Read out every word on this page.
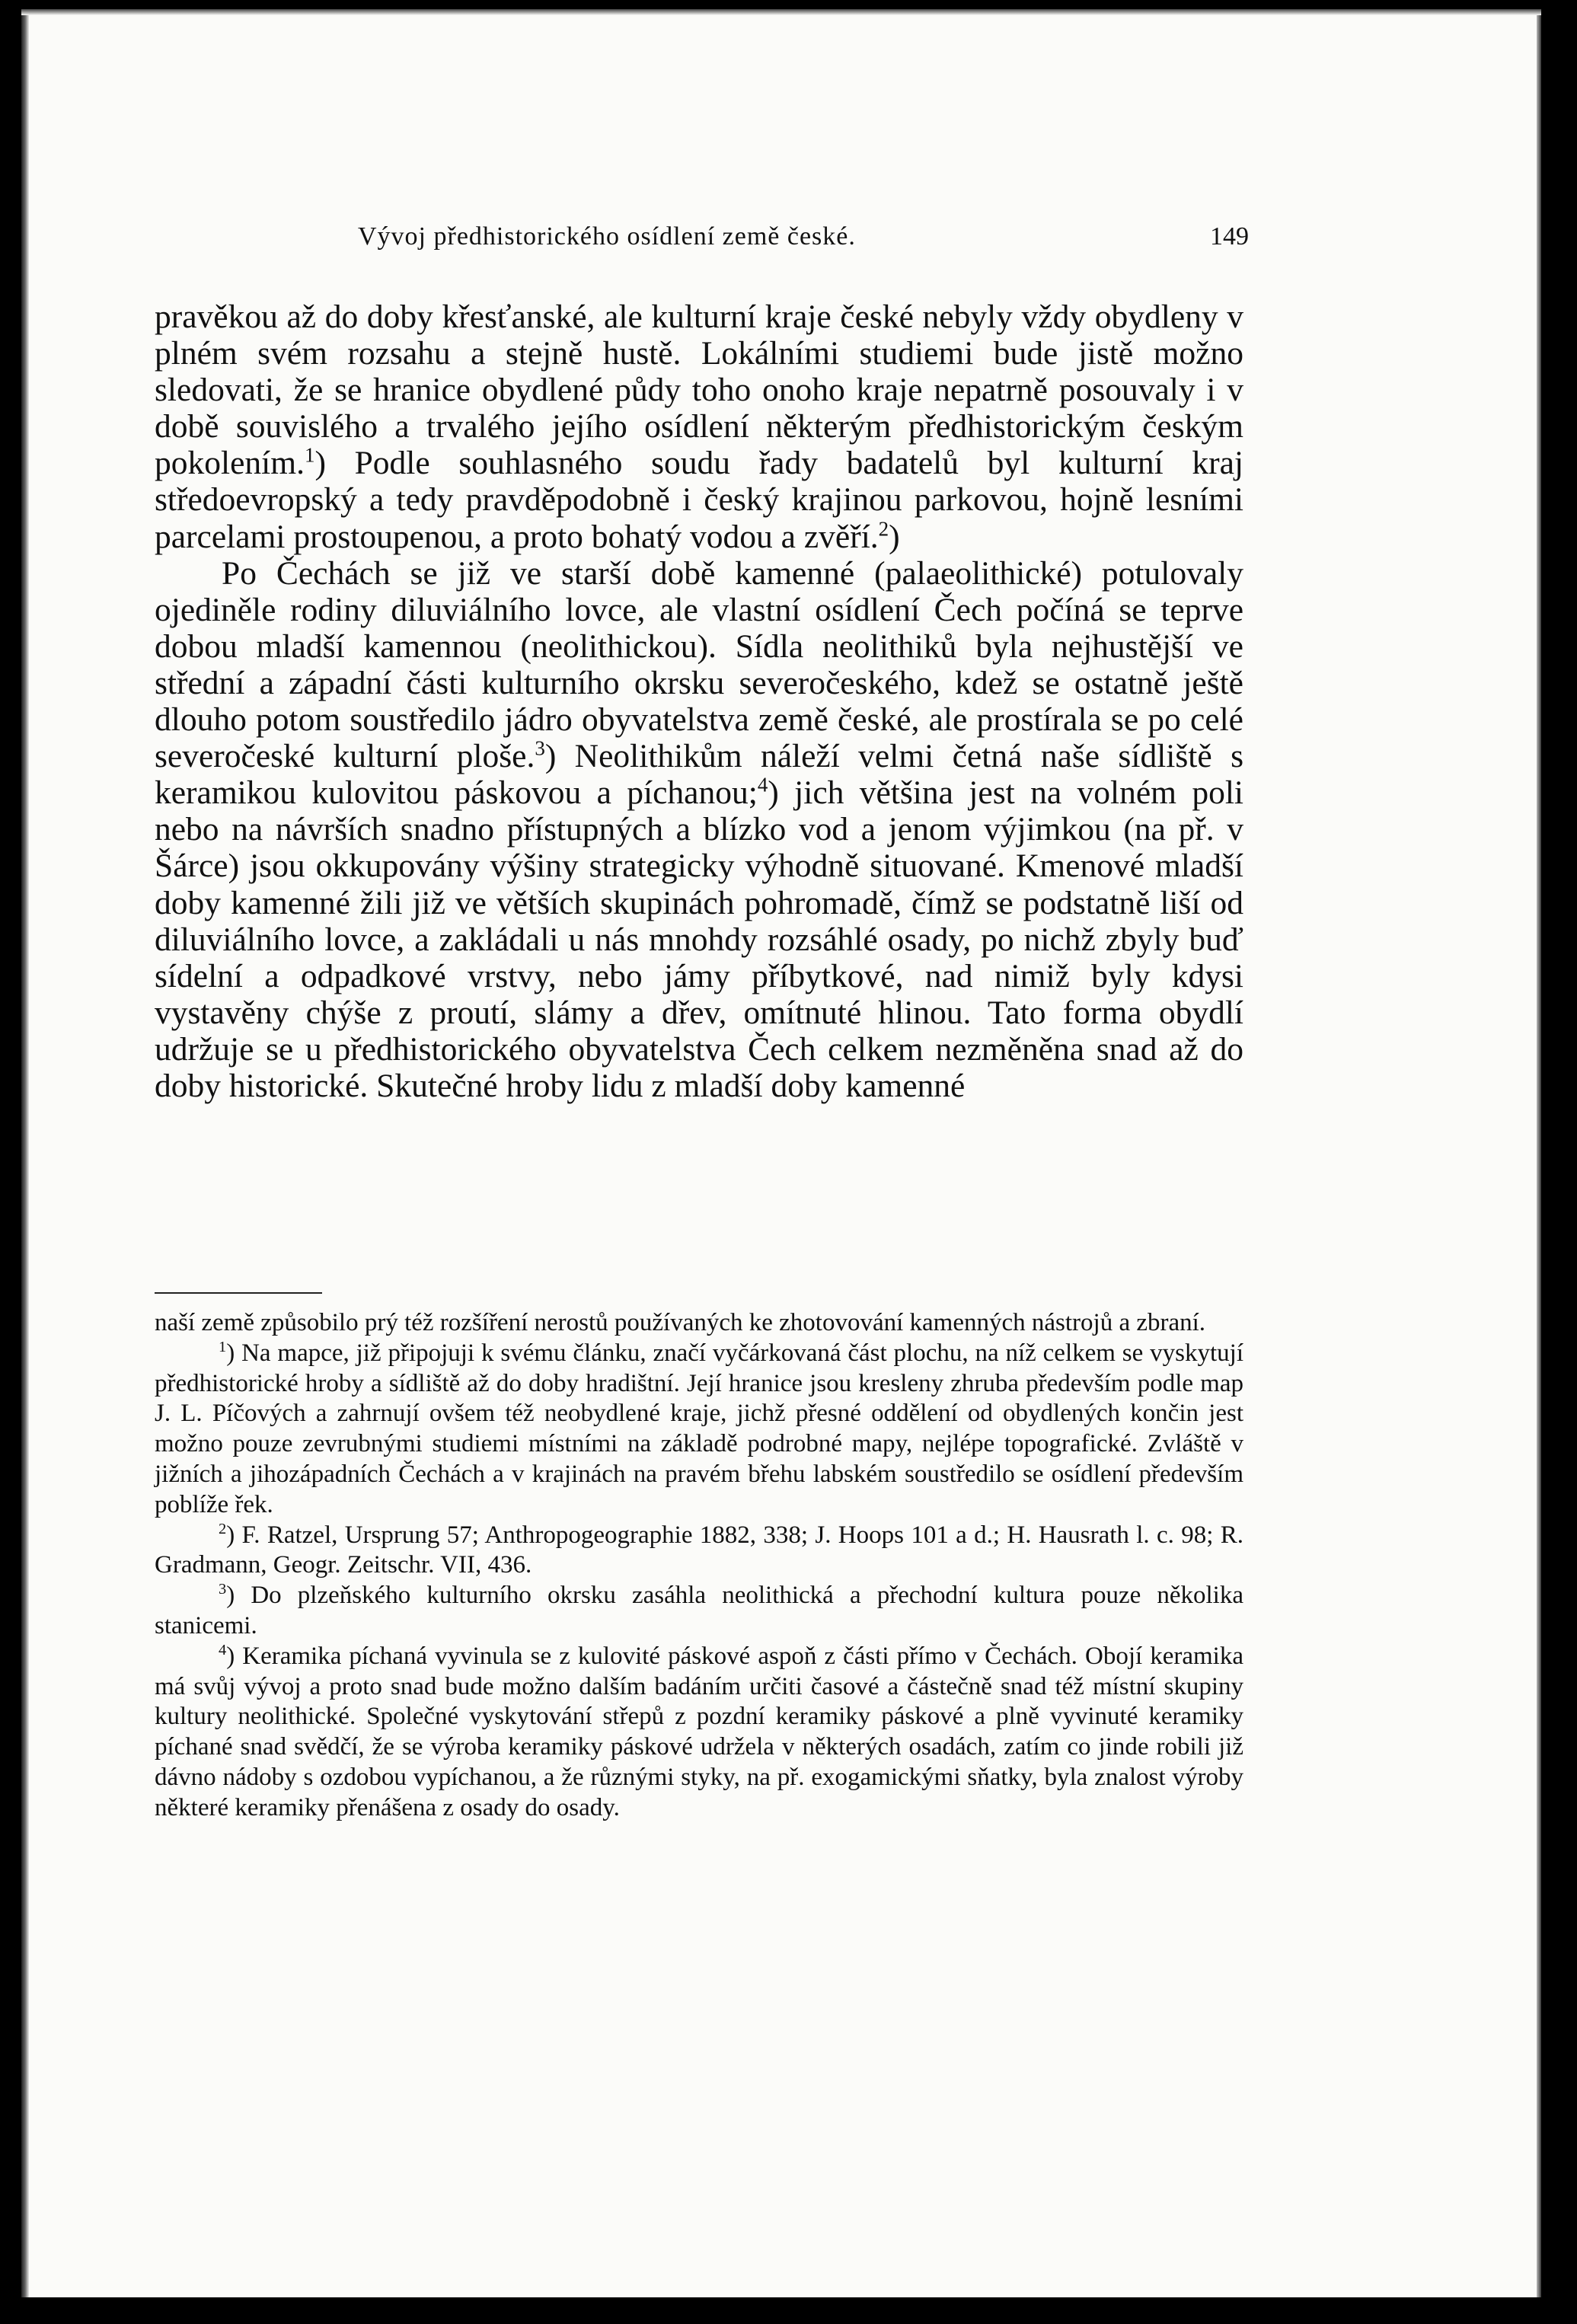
Vývoj předhistorického osídlení země české.	149

pravěkou až do doby křesťanské, ale kulturní kraje české nebyly vždy obydleny v plném svém rozsahu a stejně hustě. Lokálními studiemi bude jistě možno sledovati, že se hranice obydlené půdy toho onoho kraje nepatrně posouvaly i v době souvislého a trvalého jejího osídlení některým předhistorickým českým pokolením.$^1$) Podle souhlasného soudu řady badatelů byl kulturní kraj středoevropský a tedy pravděpodobně i český krajinou parkovou, hojně lesními parcelami prostoupenou, a proto bohatý vodou a zvěří.$^2$)

Po Čechách se již ve starší době kamenné (palaeolithické) potulovaly ojediněle rodiny diluviálního lovce, ale vlastní osídlení Čech počíná se teprve dobou mladší kamennou (neolithickou). Sídla neolithiků byla nejhustější ve střední a západní části kulturního okrsku severočeského, kdež se ostatně ještě dlouho potom soustředilo jádro obyvatelstva země české, ale prostírala se po celé severočeské kulturní ploše.$^3$) Neolithikům náleží velmi četná naše sídliště s keramikou kulovitou páskovou a píchanou;$^4$) jich většina jest na volném poli nebo na návrších snadno přístupných a blízko vod a jenom výjimkou (na př. v Šárce) jsou okkupovány výšiny strategicky výhodně situované. Kmenové mladší doby kamenné žili již ve větších skupinách pohromadě, čímž se podstatně liší od diluviálního lovce, a zakládali u nás mnohdy rozsáhlé osady, po nichž zbyly buď sídelní a odpadkové vrstvy, nebo jámy příbytkové, nad nimiž byly kdysi vystavěny chýše z proutí, slámy a dřev, omítnuté hlinou. Tato forma obydlí udržuje se u předhistorického obyvatelstva Čech celkem nezměněna snad až do doby historické. Skutečné hroby lidu z mladší doby kamenné

naší země způsobilo prý též rozšíření nerostů používaných ke zhotovování kamenných nástrojů a zbraní.

$^1$) Na mapce, již připojuji k svému článku, značí vyčárkovaná část plochu, na níž celkem se vyskytují předhistorické hroby a sídliště až do doby hradištní. Její hranice jsou kresleny zhruba především podle map J. L. Píčových a zahrnují ovšem též neobydlené kraje, jichž přesné oddělení od obydlených končin jest možno pouze zevrubnými studiemi místními na základě podrobné mapy, nejlépe topografické. Zvláště v jižních a jihozápadních Čechách a v krajinách na pravém břehu labském soustředilo se osídlení především poblíže řek.

$^2$) F. Ratzel, Ursprung 57; Anthropogeographie 1882, 338; J. Hoops 101 a d.; H. Hausrath l. c. 98; R. Gradmann, Geogr. Zeitschr. VII, 436.

$^3$) Do plzeňského kulturního okrsku zasáhla neolithická a přechodní kultura pouze několika stanicemi.

$^4$) Keramika píchaná vyvinula se z kulovité páskové aspoň z části přímo v Čechách. Obojí keramika má svůj vývoj a proto snad bude možno dalším badáním určiti časové a částečně snad též místní skupiny kultury neolithické. Společné vyskytování střepů z pozdní keramiky páskové a plně vyvinuté keramiky píchané snad svědčí, že se výroba keramiky páskové udržela v některých osadách, zatím co jinde robili již dávno nádoby s ozdobou vypíchanou, a že různými styky, na př. exogamickými sňatky, byla znalost výroby některé keramiky přenášena z osady do osady.
